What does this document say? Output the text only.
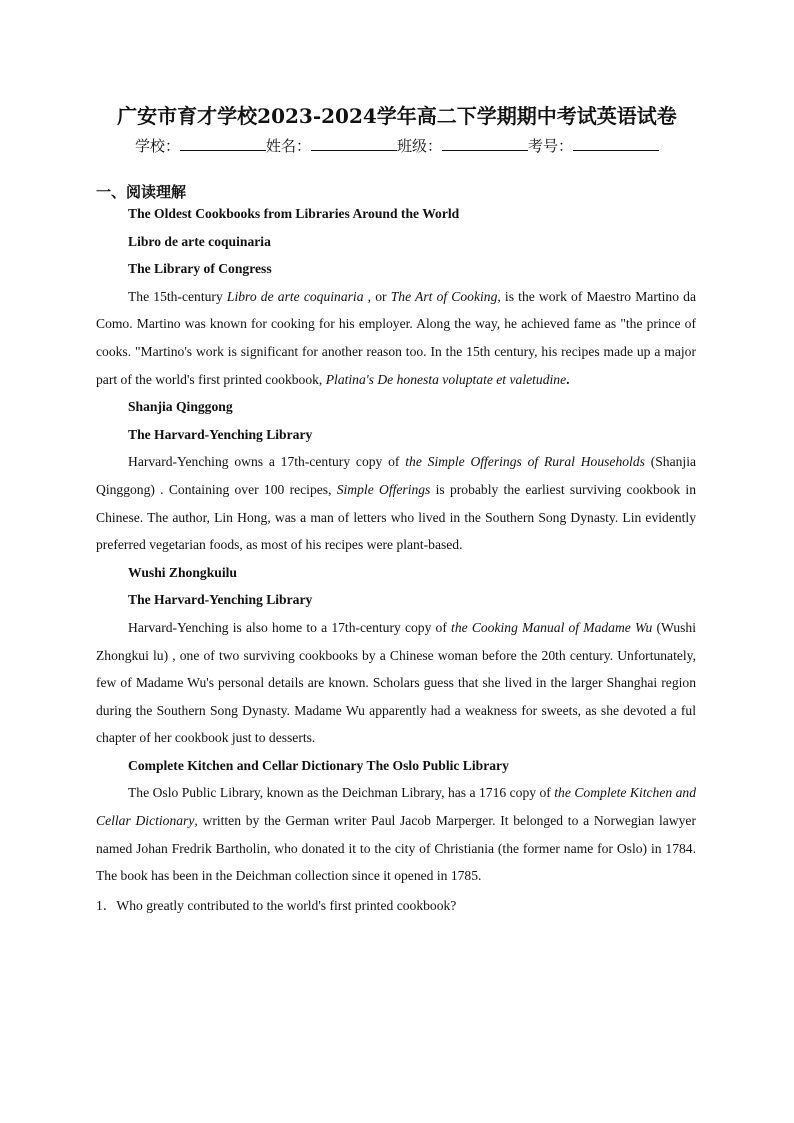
广安市育才学校2023-2024学年高二下学期期中考试英语试卷
学校：	姓名：	班级：	考号：
一、阅读理解
The Oldest Cookbooks from Libraries Around the World
Libro de arte coquinaria
The Library of Congress

The 15th-century Libro de arte coquinaria , or The Art of Cooking, is the work of Maestro Martino da Como. Martino was known for cooking for his employer. Along the way, he achieved fame as "the prince of cooks. "Martino's work is significant for another reason too. In the 15th century, his recipes made up a major part of the world's first printed cookbook, Platina's De honesta voluptate et valetudine.

Shanjia Qinggong
The Harvard-Yenching Library

Harvard-Yenching owns a 17th-century copy of the Simple Offerings of Rural Households (Shanjia Qinggong) . Containing over 100 recipes, Simple Offerings is probably the earliest surviving cookbook in Chinese. The author, Lin Hong, was a man of letters who lived in the Southern Song Dynasty. Lin evidently preferred vegetarian foods, as most of his recipes were plant-based.

Wushi Zhongkuilu
The Harvard-Yenching Library

Harvard-Yenching is also home to a 17th-century copy of the Cooking Manual of Madame Wu (Wushi Zhongkui lu) , one of two surviving cookbooks by a Chinese woman before the 20th century. Unfortunately, few of Madame Wu's personal details are known. Scholars guess that she lived in the larger Shanghai region during the Southern Song Dynasty. Madame Wu apparently had a weakness for sweets, as she devoted a ful chapter of her cookbook just to desserts.

Complete Kitchen and Cellar Dictionary The Oslo Public Library

The Oslo Public Library, known as the Deichman Library, has a 1716 copy of the Complete Kitchen and Cellar Dictionary, written by the German writer Paul Jacob Marperger. It belonged to a Norwegian lawyer named Johan Fredrik Bartholin, who donated it to the city of Christiania (the former name for Oslo) in 1784. The book has been in the Deichman collection since it opened in 1785.

1．Who greatly contributed to the world's first printed cookbook?
